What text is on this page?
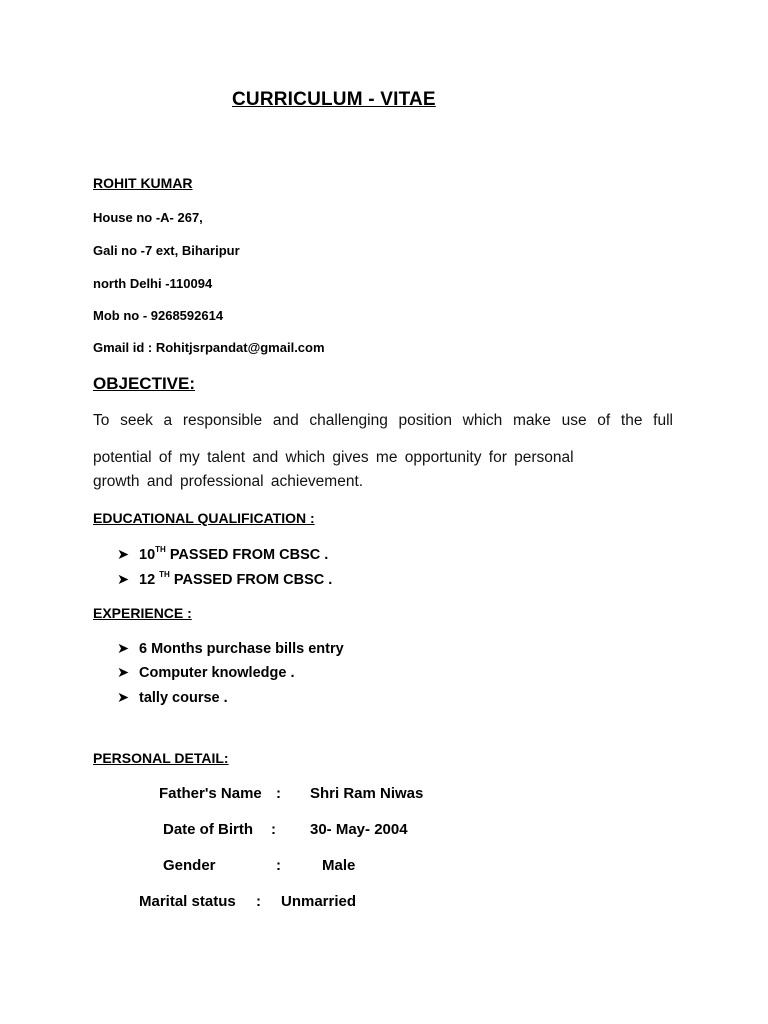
CURRICULUM - VITAE
ROHIT KUMAR
House no -A- 267,
Gali no -7 ext, Biharipur
north Delhi -110094
Mob no - 9268592614
Gmail id : Rohitjsrpandat@gmail.com
OBJECTIVE:
To seek a responsible and challenging position which make use of the full
potential of my talent and which gives me opportunity for personal
growth and professional achievement.
EDUCATIONAL QUALIFICATION :
➤ 10TH PASSED FROM CBSC .
➤ 12 $^{TH}$ PASSED FROM CBSC .
EXPERIENCE :
➤ 6 Months purchase bills entry
➤ Computer knowledge .
➤ tally course .
PERSONAL DETAIL:
Father's Name : Shri Ram Niwas
Date of Birth : 30- May- 2004
Gender	:	Male
Marital status : Unmarried
